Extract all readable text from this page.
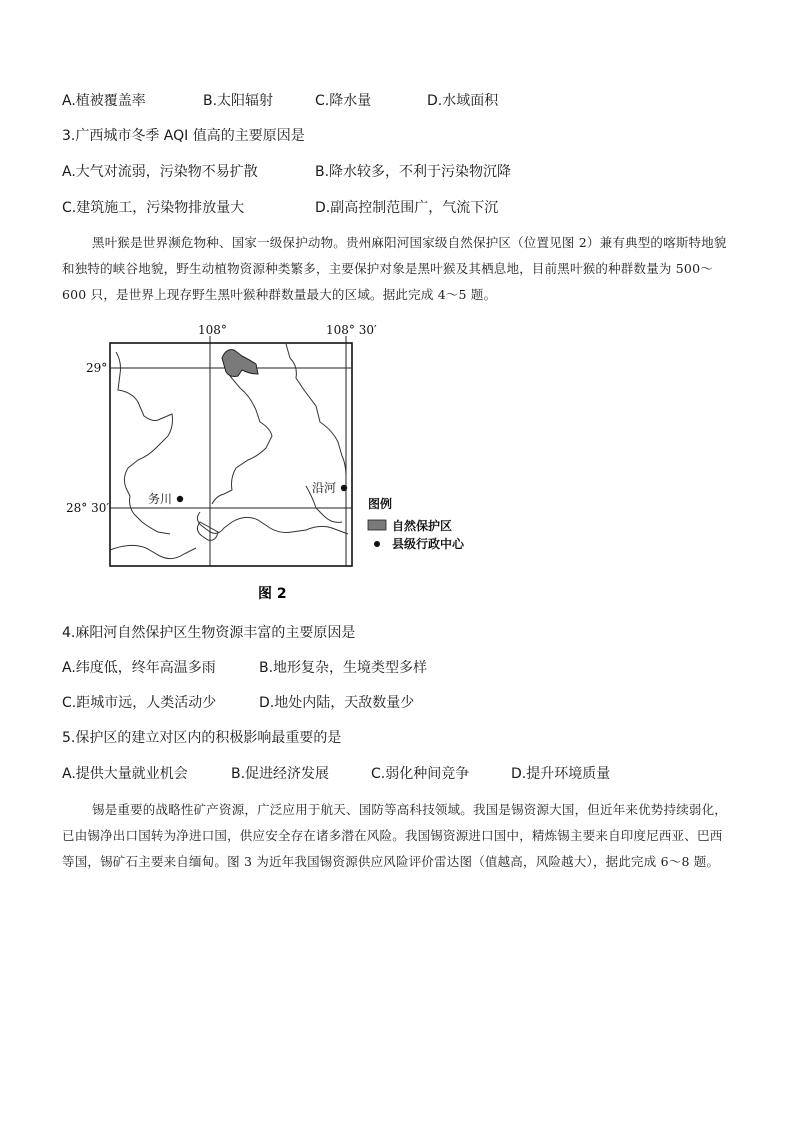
A.植被覆盖率	B.太阳辐射	C.降水量	D.水域面积
3.广西城市冬季 AQI 值高的主要原因是
A.大气对流弱，污染物不易扩散	B.降水较多，不利于污染物沉降
C.建筑施工，污染物排放量大	D.副高控制范围广，气流下沉
黑叶猴是世界濒危物种、国家一级保护动物。贵州麻阳河国家级自然保护区（位置见图 2）兼有典型的喀斯特地貌和独特的峡谷地貌，野生动植物资源种类繁多，主要保护对象是黑叶猴及其栖息地，目前黑叶猴的种群数量为 500～600 只，是世界上现存野生黑叶猴种群数量最大的区域。据此完成 4～5 题。
108°	108° 30′
29°
28° 30′
务川
沿河
图例
自然保护区
县级行政中心
图 2
4.麻阳河自然保护区生物资源丰富的主要原因是
A.纬度低，终年高温多雨	B.地形复杂，生境类型多样
C.距城市远，人类活动少	D.地处内陆，天敌数量少
5.保护区的建立对区内的积极影响最重要的是
A.提供大量就业机会	B.促进经济发展	C.弱化种间竞争	D.提升环境质量
锡是重要的战略性矿产资源，广泛应用于航天、国防等高科技领域。我国是锡资源大国，但近年来优势持续弱化，已由锡净出口国转为净进口国，供应安全存在诸多潜在风险。我国锡资源进口国中，精炼锡主要来自印度尼西亚、巴西等国，锡矿石主要来自缅甸。图 3 为近年我国锡资源供应风险评价雷达图（值越高，风险越大），据此完成 6～8 题。
